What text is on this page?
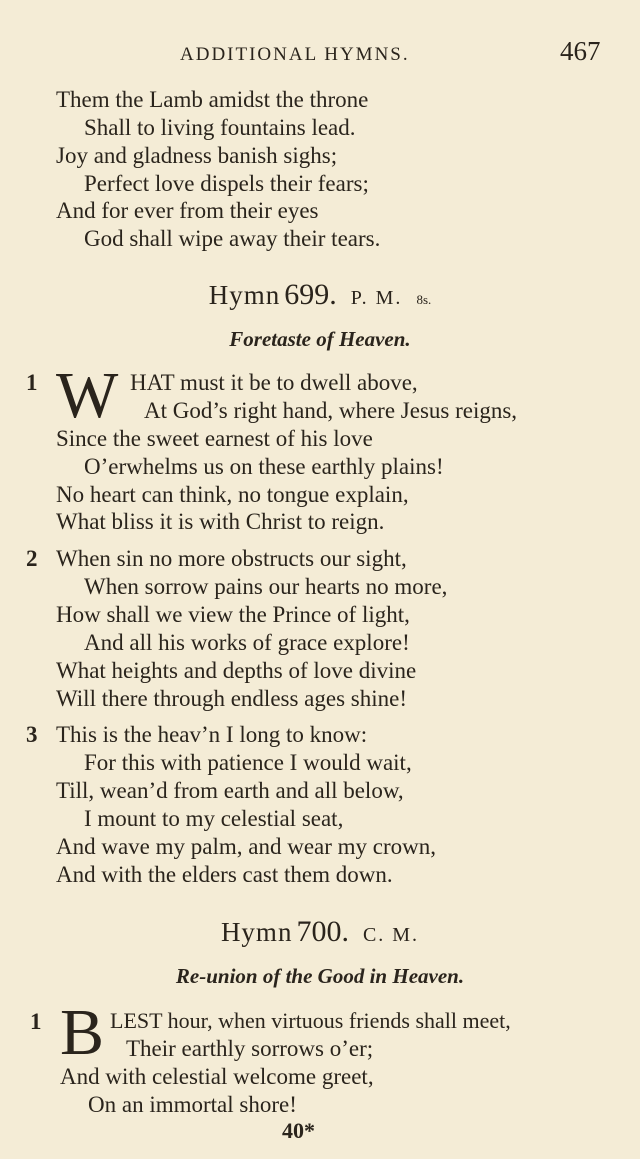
ADDITIONAL HYMNS.	467
Them the Lamb amidst the throne
Shall to living fountains lead.
Joy and gladness banish sighs;
Perfect love dispels their fears;
And for ever from their eyes
God shall wipe away their tears.
Hymn 699. P. M. 8s.
Foretaste of Heaven.
1 W HAT must it be to dwell above,
At God’s right hand, where Jesus reigns,
Since the sweet earnest of his love
O’erwhelms us on these earthly plains!
No heart can think, no tongue explain,
What bliss it is with Christ to reign.
2 When sin no more obstructs our sight,
When sorrow pains our hearts no more,
How shall we view the Prince of light,
And all his works of grace explore!
What heights and depths of love divine
Will there through endless ages shine!
3 This is the heav’n I long to know:
For this with patience I would wait,
Till, wean’d from earth and all below,
I mount to my celestial seat,
And wave my palm, and wear my crown,
And with the elders cast them down.
Hymn 700. C. M.
Re-union of the Good in Heaven.
1 B LEST hour, when virtuous friends shall meet,
Their earthly sorrows o’er;
And with celestial welcome greet,
On an immortal shore!
40*
